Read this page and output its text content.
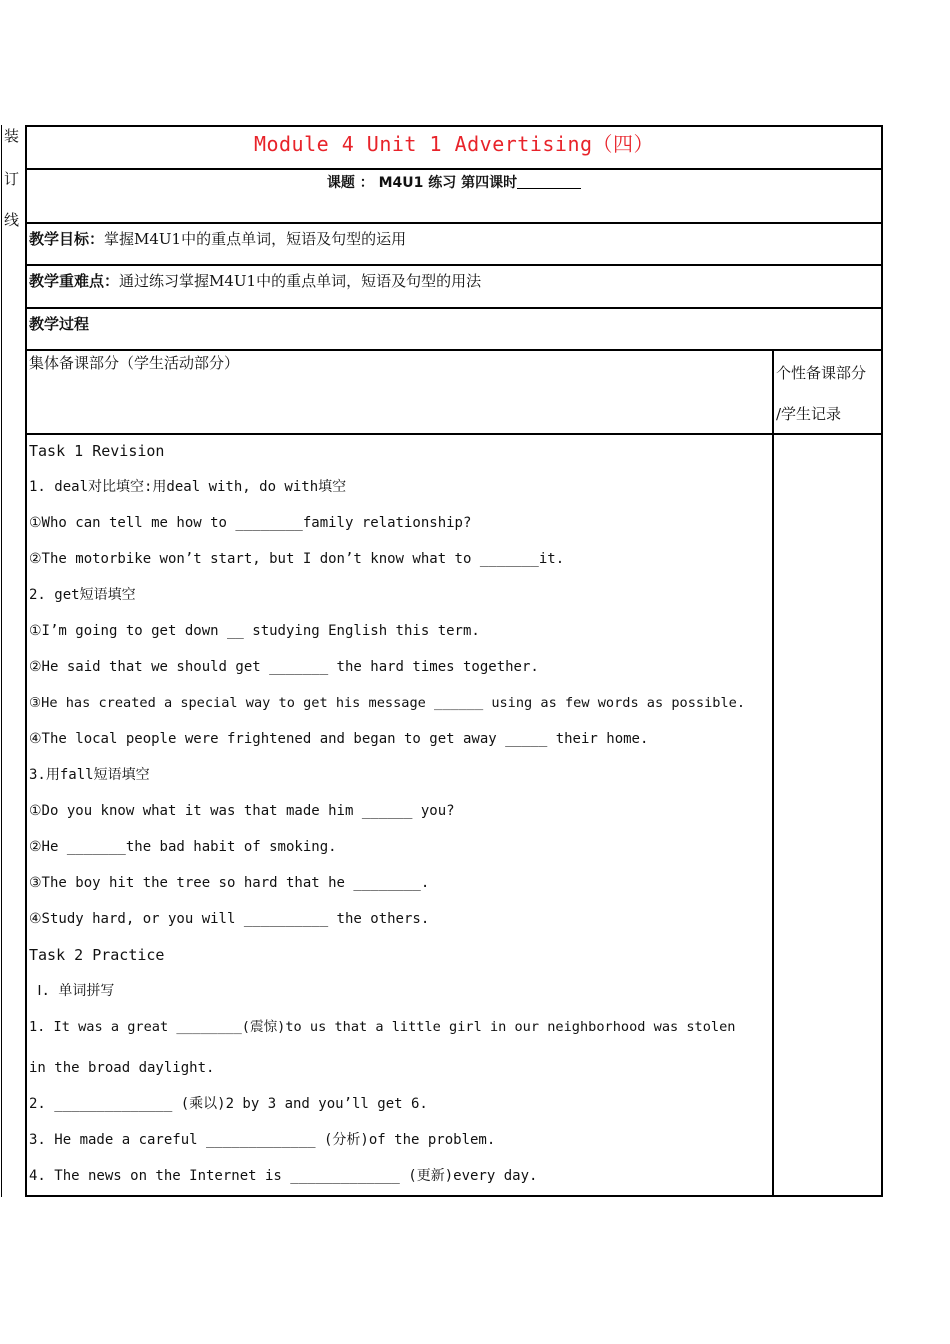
装
订
线
Module 4 Unit 1 Advertising（四）
课题 ： M4U1 练习 第四课时
教学目标：掌握M4U1中的重点单词，短语及句型的运用
教学重难点：通过练习掌握M4U1中的重点单词，短语及句型的用法
教学过程
集体备课部分（学生活动部分）
个性备课部分
/学生记录
Task 1 Revision
1. deal对比填空:用deal with, do with填空
①Who can tell me how to ________family relationship?
②The motorbike won’t start, but I don’t know what to _______it.
2. get短语填空
①I’m going to get down __ studying English this term.
②He said that we should get _______ the hard times together.
③He has created a special way to get his message ______ using as few words as possible.
④The local people were frightened and began to get away _____ their home.
3.用fall短语填空
①Do you know what it was that made him ______ you?
②He _______the bad habit of smoking.
③The boy hit the tree so hard that he ________.
④Study hard, or you will __________ the others.
Task 2 Practice
Ⅰ. 单词拼写
1. It was a great ________(震惊)to us that a little girl in our neighborhood was stolen
in the broad daylight.
2. ______________ (乘以)2 by 3 and you’ll get 6.
3. He made a careful _____________ (分析)of the problem.
4. The news on the Internet is _____________ (更新)every day.
